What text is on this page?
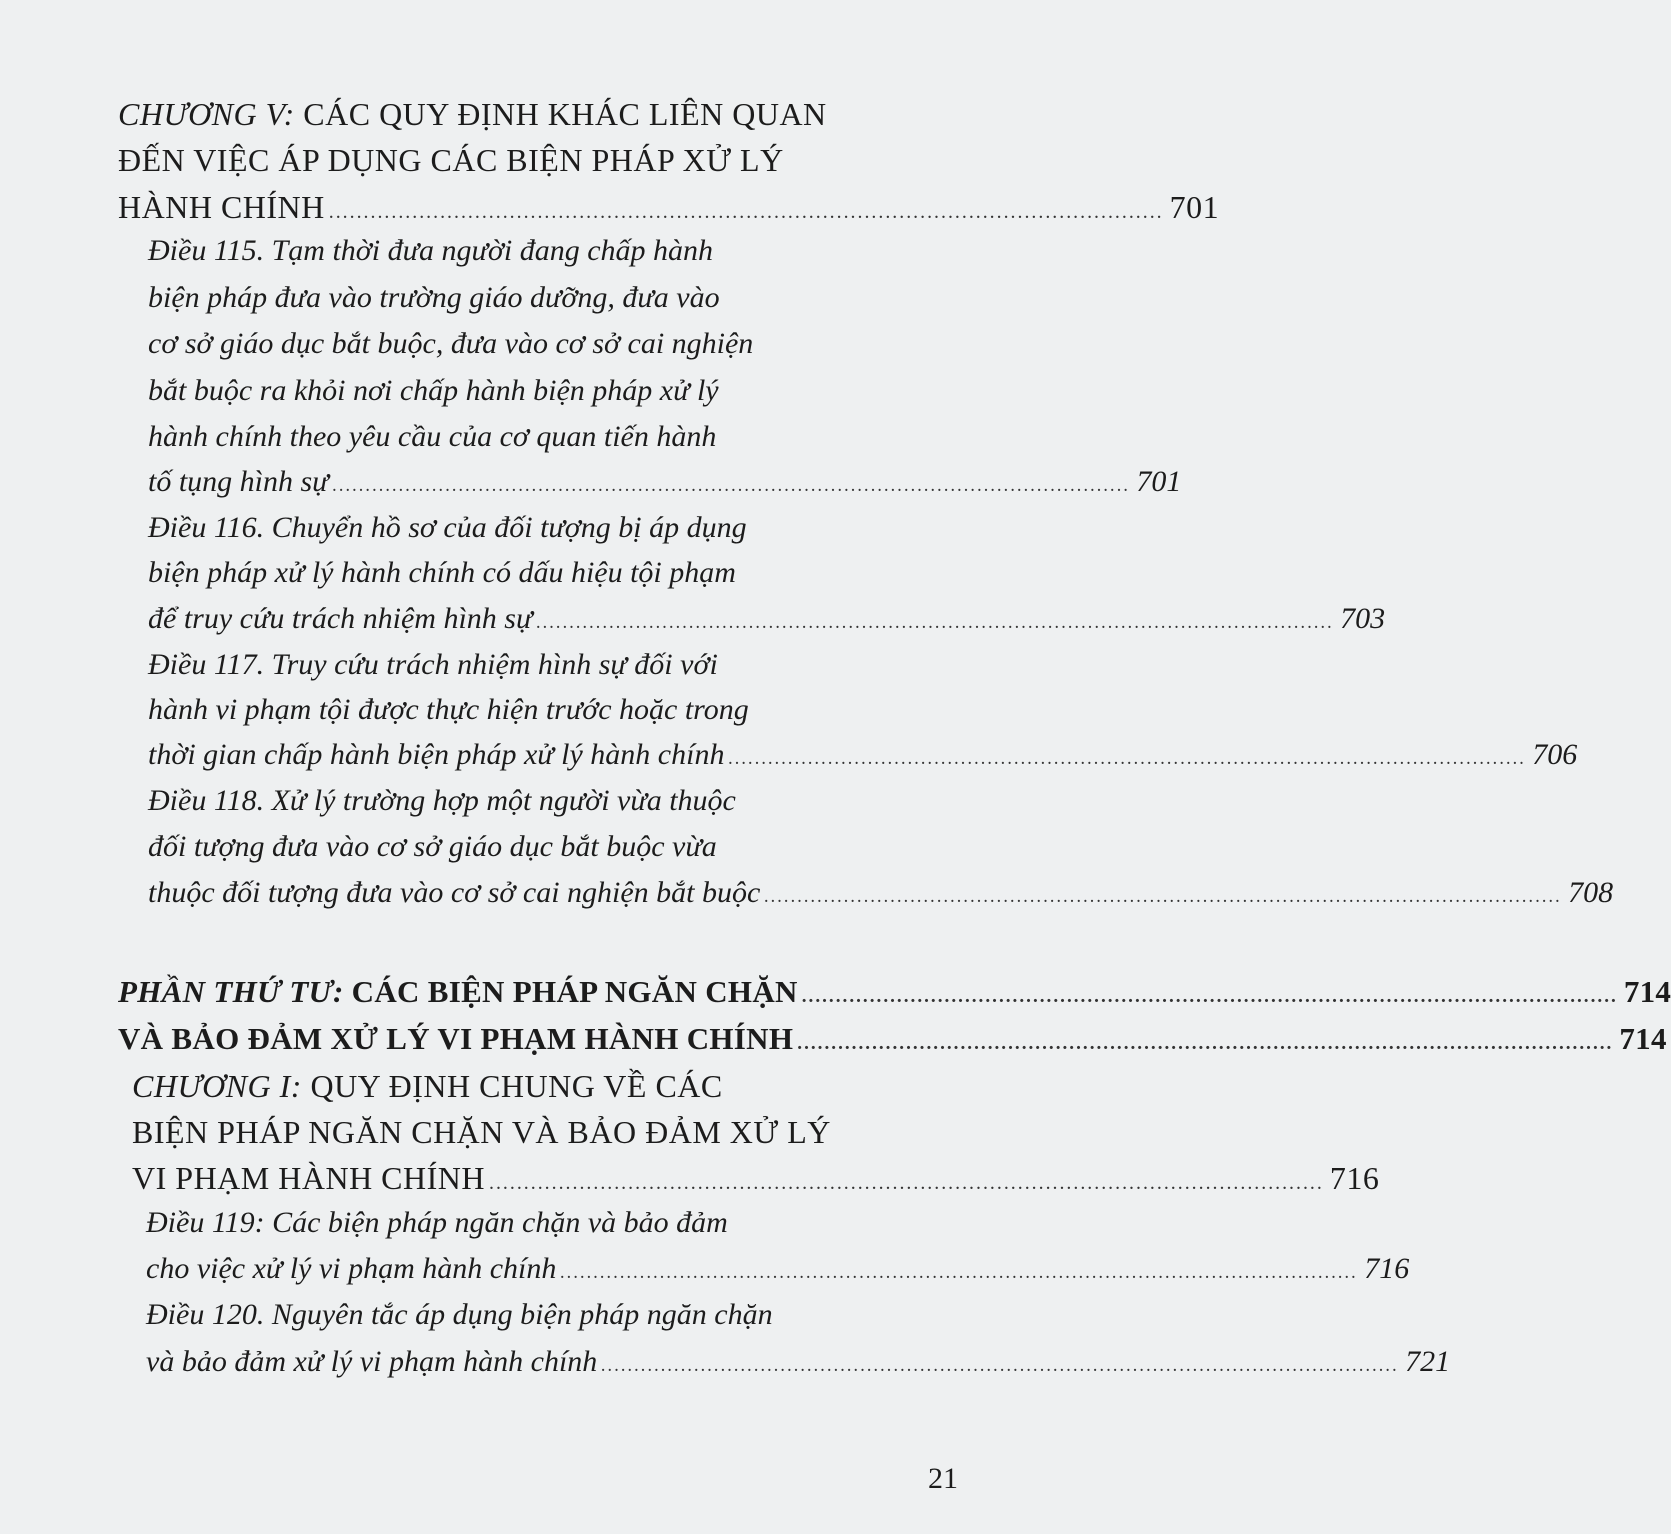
CHƯƠNG V: CÁC QUY ĐỊNH KHÁC LIÊN QUAN
ĐẾN VIỆC ÁP DỤNG CÁC BIỆN PHÁP XỬ LÝ
HÀNH CHÍNH ........................................................................................................................ 701
Điều 115. Tạm thời đưa người đang chấp hành
biện pháp đưa vào trường giáo dưỡng, đưa vào
cơ sở giáo dục bắt buộc, đưa vào cơ sở cai nghiện
bắt buộc ra khỏi nơi chấp hành biện pháp xử lý
hành chính theo yêu cầu của cơ quan tiến hành
tố tụng hình sự ........................................................................................................................ 701
Điều 116. Chuyển hồ sơ của đối tượng bị áp dụng
biện pháp xử lý hành chính có dấu hiệu tội phạm
để truy cứu trách nhiệm hình sự ........................................................................................................................ 703
Điều 117. Truy cứu trách nhiệm hình sự đối với
hành vi phạm tội được thực hiện trước hoặc trong
thời gian chấp hành biện pháp xử lý hành chính ........................................................................................................................ 706
Điều 118. Xử lý trường hợp một người vừa thuộc
đối tượng đưa vào cơ sở giáo dục bắt buộc vừa
thuộc đối tượng đưa vào cơ sở cai nghiện bắt buộc ........................................................................................................................ 708
PHẦN THỨ TƯ: CÁC BIỆN PHÁP NGĂN CHẶN ........................................................................................................................ 714
VÀ BẢO ĐẢM XỬ LÝ VI PHẠM HÀNH CHÍNH ........................................................................................................................ 714
CHƯƠNG I: QUY ĐỊNH CHUNG VỀ CÁC
BIỆN PHÁP NGĂN CHẶN VÀ BẢO ĐẢM XỬ LÝ
VI PHẠM HÀNH CHÍNH ........................................................................................................................ 716
Điều 119: Các biện pháp ngăn chặn và bảo đảm
cho việc xử lý vi phạm hành chính ........................................................................................................................ 716
Điều 120. Nguyên tắc áp dụng biện pháp ngăn chặn
và bảo đảm xử lý vi phạm hành chính ........................................................................................................................ 721
21
